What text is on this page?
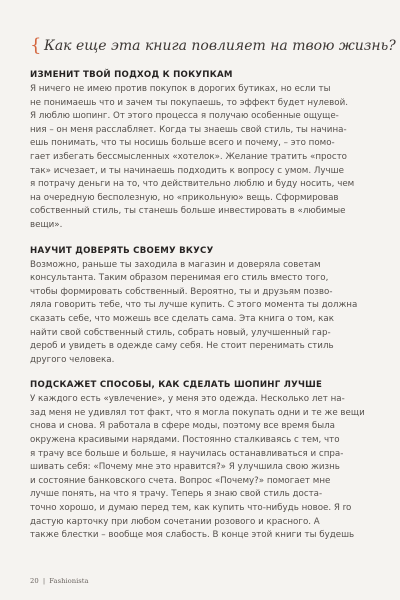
{ Как еще эта книга повлияет на твою жизнь?
ИЗМЕНИТ ТВОЙ ПОДХОД К ПОКУПКАМ
Я ничего не имею против покупок в дорогих бутиках, но если ты
не понимаешь что и зачем ты покупаешь, то эффект будет нулевой.
Я люблю шопинг. От этого процесса я получаю особенные ощуще-
ния – он меня расслабляет. Когда ты знаешь свой стиль, ты начина-
ешь понимать, что ты носишь больше всего и почему, – это помо-
гает избегать бессмысленных «хотелок». Желание тратить «просто
так» исчезает, и ты начинаешь подходить к вопросу с умом. Лучше
я потрачу деньги на то, что действительно люблю и буду носить, чем
на очередную бесполезную, но «прикольную» вещь. Сформировав
собственный стиль, ты станешь больше инвестировать в «любимые
вещи».
НАУЧИТ ДОВЕРЯТЬ СВОЕМУ ВКУСУ
Возможно, раньше ты заходила в магазин и доверяла советам
консультанта. Таким образом перенимая его стиль вместо того,
чтобы формировать собственный. Вероятно, ты и друзьям позво-
ляла говорить тебе, что ты лучше купить. С этого момента ты должна
сказать себе, что можешь все сделать сама. Эта книга о том, как
найти свой собственный стиль, собрать новый, улучшенный гар-
дероб и увидеть в одежде саму себя. Не стоит перенимать стиль
другого человека.
ПОДСКАЖЕТ СПОСОБЫ, КАК СДЕЛАТЬ ШОПИНГ ЛУЧШЕ
У каждого есть «увлечение», у меня это одежда. Несколько лет на-
зад меня не удивлял тот факт, что я могла покупать одни и те же вещи
снова и снова. Я работала в сфере моды, поэтому все время была
окружена красивыми нарядами. Постоянно сталкиваясь с тем, что
я трачу все больше и больше, я научилась останавливаться и спра-
шивать себя: «Почему мне это нравится?» Я улучшила свою жизнь
и состояние банковского счета. Вопрос «Почему?» помогает мне
лучше понять, на что я трачу. Теперь я знаю свой стиль доста-
точно хорошо, и думаю перед тем, как купить что-нибудь новое. Я ro
дастую карточку при любом сочетании розового и красного. А
также блестки – вообще моя слабость. В конце этой книги ты будешь
20 | Fashionista
